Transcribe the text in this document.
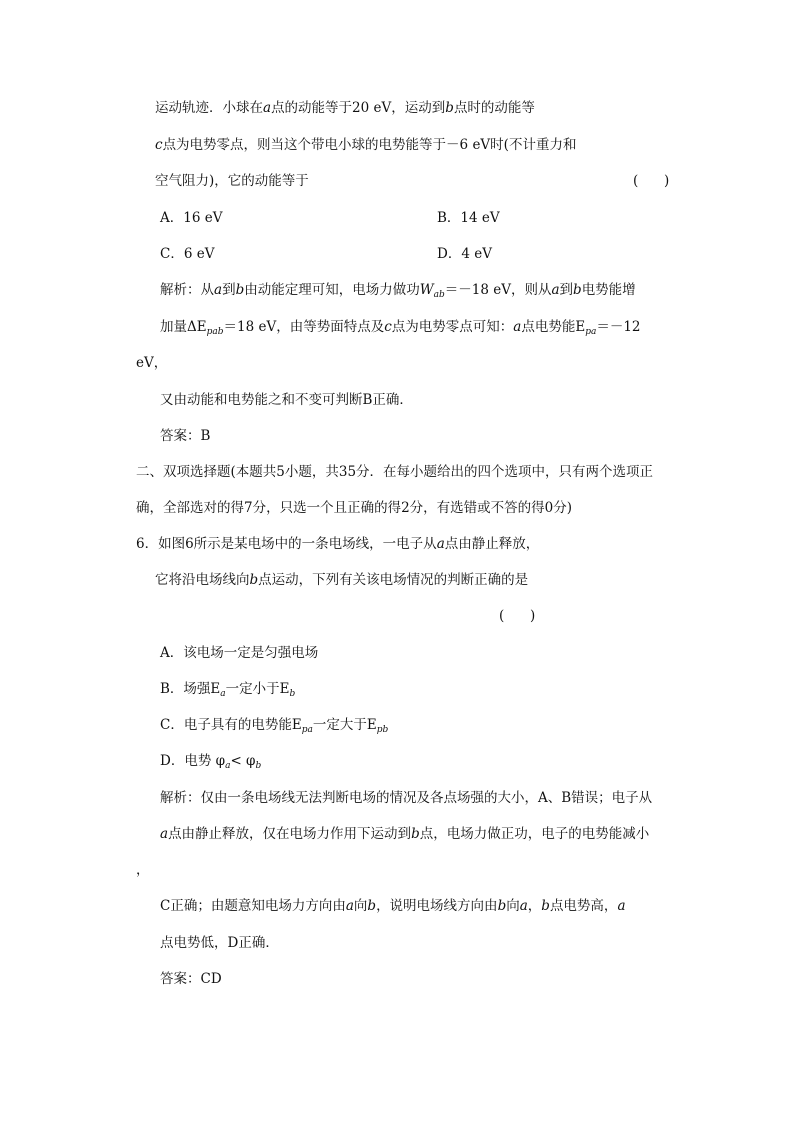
运动轨迹．小球在a点的动能等于20 eV，运动到b点时的动能等
c点为电势零点，则当这个带电小球的电势能等于－6 eV时(不计重力和
空气阻力)，它的动能等于	(      )
A．16 eV	B．14 eV
C．6 eV	D．4 eV
解析：从a到b由动能定理可知，电场力做功$W_{ab}=-18$ eV，则从a到b电势能增
加量$\Delta E_{pab}=18$ eV，由等势面特点及c点为电势零点可知：a点电势能$E_{pa}=-12$
eV，
又由动能和电势能之和不变可判断B正确．
答案：B
二、双项选择题(本题共5小题，共35分．在每小题给出的四个选项中，只有两个选项正
确，全部选对的得7分，只选一个且正确的得2分，有选错或不答的得0分)
6．如图6所示是某电场中的一条电场线，一电子从a点由静止释放，
它将沿电场线向b点运动，下列有关该电场情况的判断正确的是
(      )
A．该电场一定是匀强电场
B．场强$E_a$一定小于$E_b$
C．电子具有的电势能$E_{pa}$一定大于$E_{pb}$
D．电势 $\varphi_a< \varphi_b$
解析：仅由一条电场线无法判断电场的情况及各点场强的大小，A、B错误；电子从
a点由静止释放，仅在电场力作用下运动到b点，电场力做正功，电子的电势能减小
，
C正确；由题意知电场力方向由a向b，说明电场线方向由b向a，b点电势高，a
点电势低，D正确．
答案：CD
